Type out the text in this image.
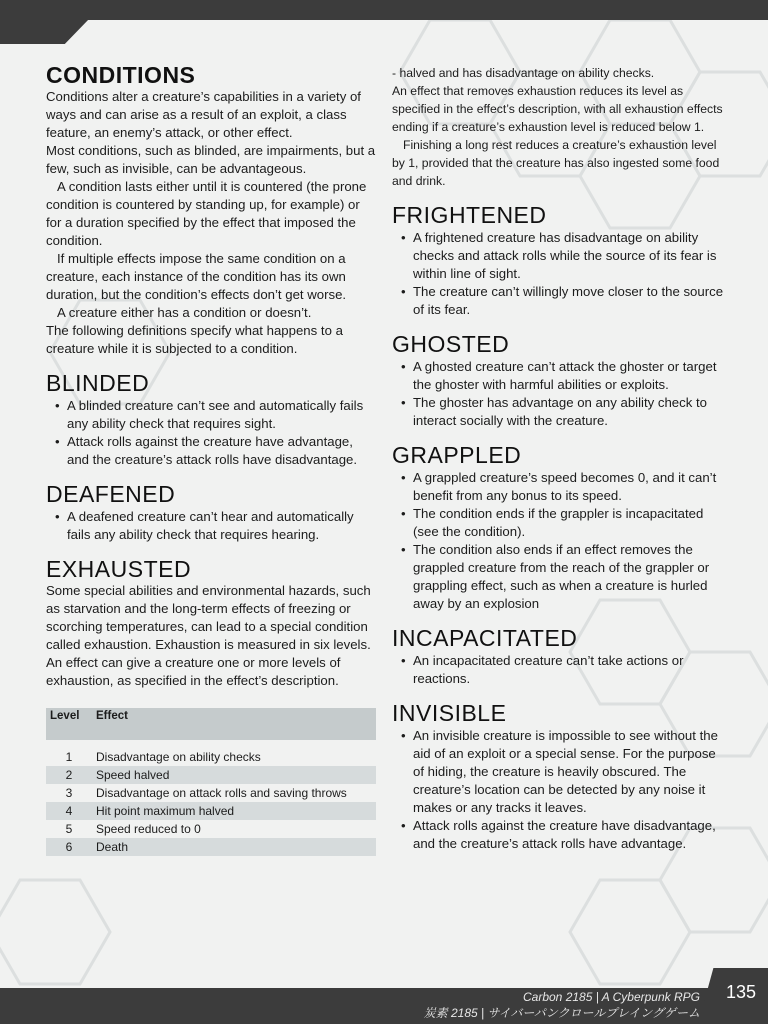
CONDITIONS

Conditions alter a creature’s capabilities in a variety of ways and can arise as a result of an exploit, a class feature, an enemy’s attack, or other effect.

Most conditions, such as blinded, are impairments, but a few, such as invisible, can be advantageous.

A condition lasts either until it is countered (the prone condition is countered by standing up, for example) or for a duration specified by the effect that imposed the condition.

If multiple effects impose the same condition on a creature, each instance of the condition has its own duration, but the condition’s effects don’t get worse.

A creature either has a condition or doesn’t.

The following definitions specify what happens to a creature while it is subjected to a condition.

BLINDED
• A blinded creature can’t see and automatically fails any ability check that requires sight.
• Attack rolls against the creature have advantage, and the creature’s attack rolls have disadvantage.
DEAFENED
• A deafened creature can’t hear and automatically fails any ability check that requires hearing.
EXHAUSTED

Some special abilities and environmental hazards, such as starvation and the long-term effects of freezing or scorching temperatures, can lead to a special condition called exhaustion. Exhaustion is measured in six levels. An effect can give a creature one or more levels of exhaustion, as specified in the effect’s description.

Level	Effect

1	Disadvantage on ability checks
2	Speed halved
3	Disadvantage on attack rolls and saving throws
4	Hit point maximum halved
5	Speed reduced to 0
6	Death

- halved and has disadvantage on ability checks.

An effect that removes exhaustion reduces its level as specified in the effect’s description, with all exhaustion effects ending if a creature’s exhaustion level is reduced below 1.

Finishing a long rest reduces a creature’s exhaustion level by 1, provided that the creature has also ingested some food and drink.

FRIGHTENED
• A frightened creature has disadvantage on ability checks and attack rolls while the source of its fear is within line of sight.
• The creature can’t willingly move closer to the source of its fear.
GHOSTED
• A ghosted creature can’t attack the ghoster or target the ghoster with harmful abilities or exploits.
• The ghoster has advantage on any ability check to interact socially with the creature.
GRAPPLED
• A grappled creature’s speed becomes 0, and it can’t benefit from any bonus to its speed.
• The condition ends if the grappler is incapacitated (see the condition).
• The condition also ends if an effect removes the grappled creature from the reach of the grappler or grappling effect, such as when a creature is hurled away by an explosion
INCAPACITATED
• An incapacitated creature can’t take actions or reactions.
INVISIBLE
• An invisible creature is impossible to see without the aid of an exploit or a special sense. For the purpose of hiding, the creature is heavily obscured. The creature’s location can be detected by any noise it makes or any tracks it leaves.
• Attack rolls against the creature have disadvantage, and the creature’s attack rolls have advantage.
135
Carbon 2185 | A Cyberpunk RPG
炭素 2185 | サイバーパンクロールプレイングゲーム
